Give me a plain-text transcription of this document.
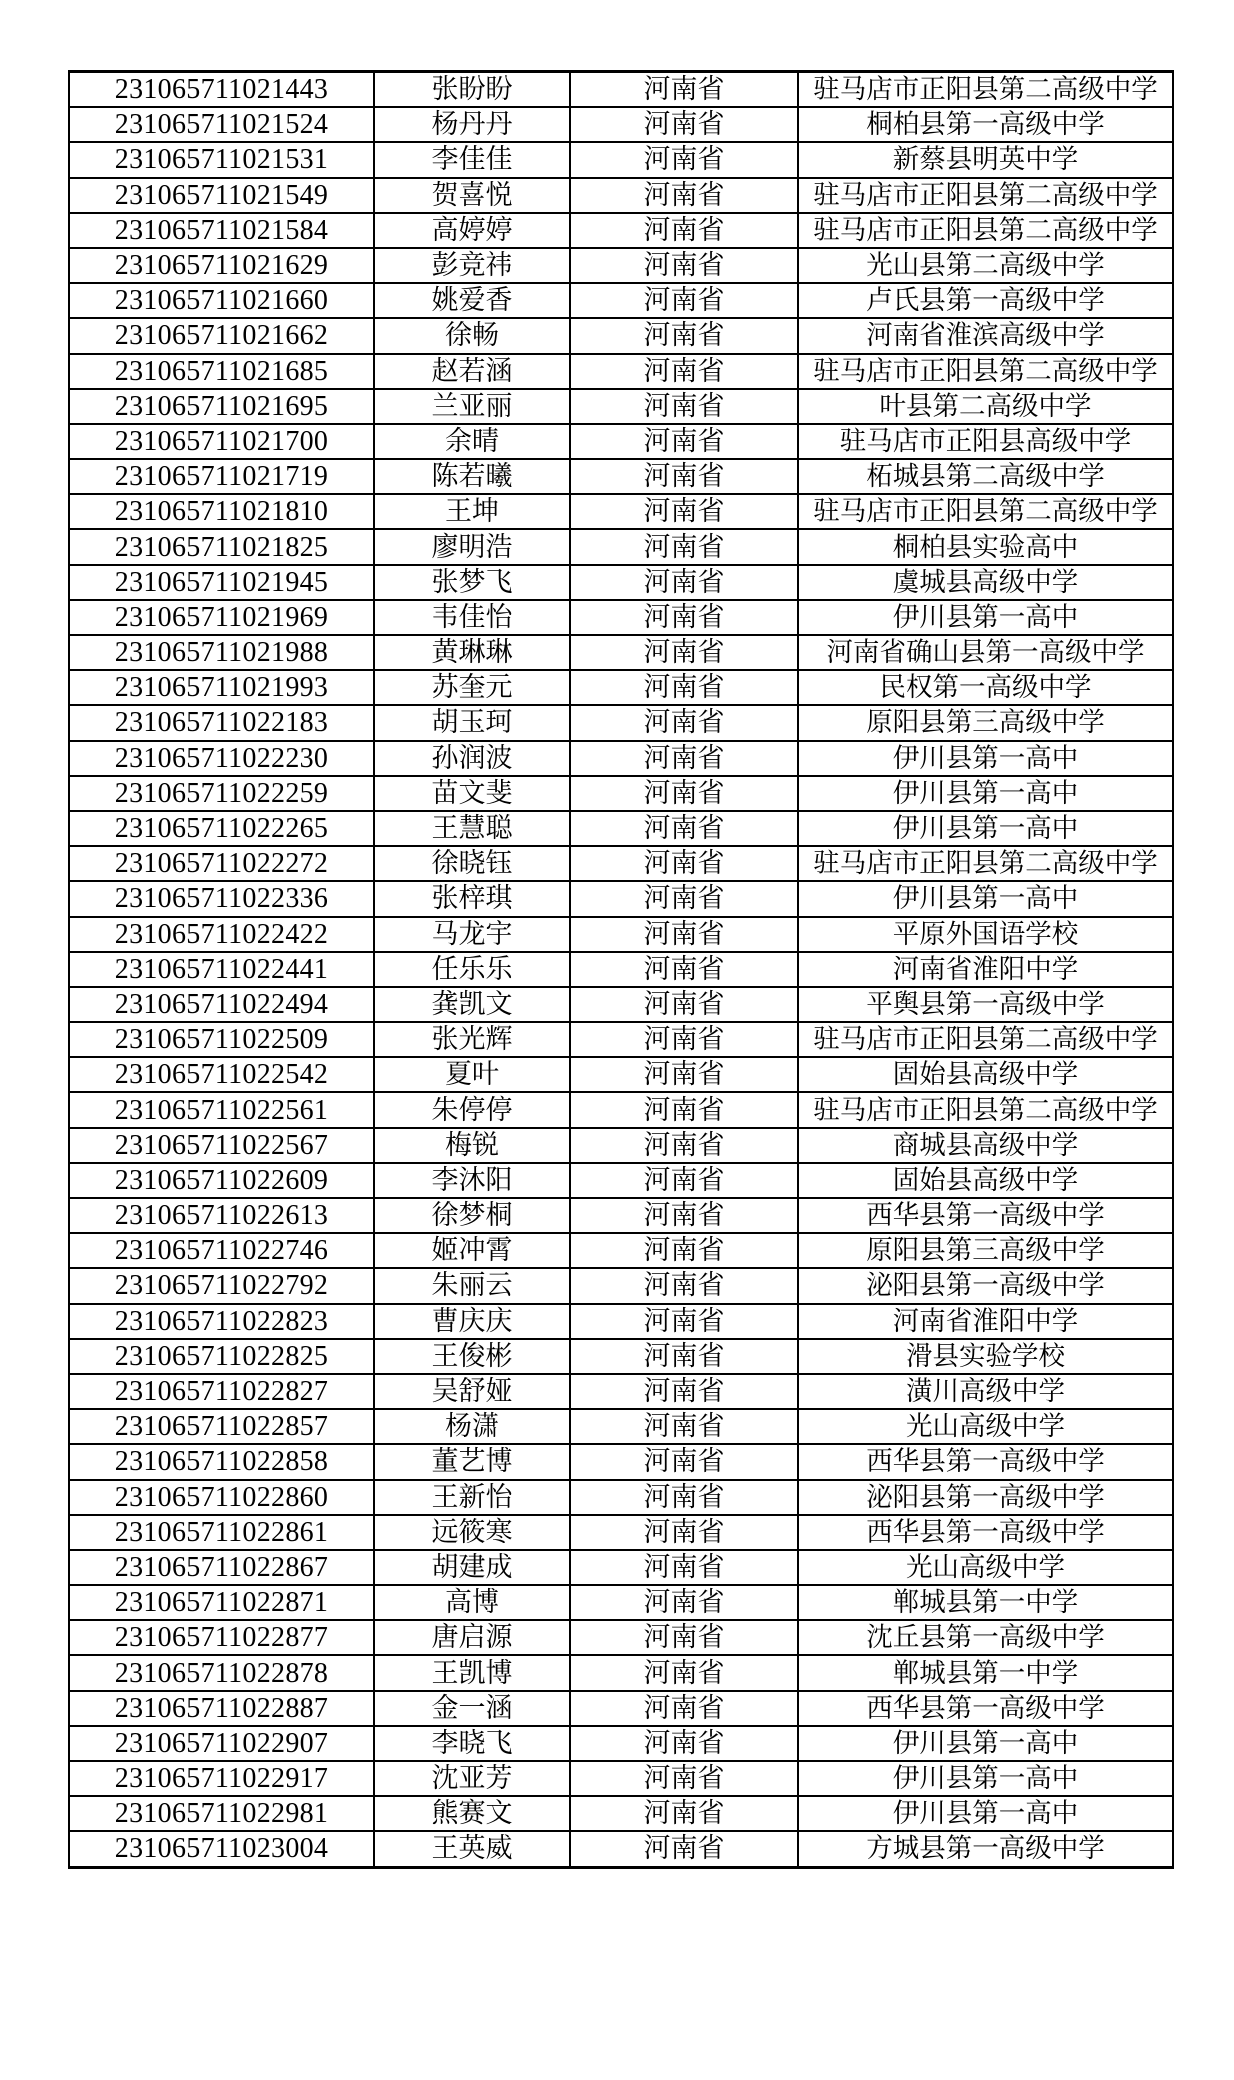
231065711021443	张盼盼	河南省	驻马店市正阳县第二高级中学
231065711021524	杨丹丹	河南省	桐柏县第一高级中学
231065711021531	李佳佳	河南省	新蔡县明英中学
231065711021549	贺喜悦	河南省	驻马店市正阳县第二高级中学
231065711021584	高婷婷	河南省	驻马店市正阳县第二高级中学
231065711021629	彭竞祎	河南省	光山县第二高级中学
231065711021660	姚爱香	河南省	卢氏县第一高级中学
231065711021662	徐畅	河南省	河南省淮滨高级中学
231065711021685	赵若涵	河南省	驻马店市正阳县第二高级中学
231065711021695	兰亚丽	河南省	叶县第二高级中学
231065711021700	余晴	河南省	驻马店市正阳县高级中学
231065711021719	陈若曦	河南省	柘城县第二高级中学
231065711021810	王坤	河南省	驻马店市正阳县第二高级中学
231065711021825	廖明浩	河南省	桐柏县实验高中
231065711021945	张梦飞	河南省	虞城县高级中学
231065711021969	韦佳怡	河南省	伊川县第一高中
231065711021988	黄琳琳	河南省	河南省确山县第一高级中学
231065711021993	苏奎元	河南省	民权第一高级中学
231065711022183	胡玉珂	河南省	原阳县第三高级中学
231065711022230	孙润波	河南省	伊川县第一高中
231065711022259	苗文斐	河南省	伊川县第一高中
231065711022265	王慧聪	河南省	伊川县第一高中
231065711022272	徐晓钰	河南省	驻马店市正阳县第二高级中学
231065711022336	张梓琪	河南省	伊川县第一高中
231065711022422	马龙宇	河南省	平原外国语学校
231065711022441	任乐乐	河南省	河南省淮阳中学
231065711022494	龚凯文	河南省	平舆县第一高级中学
231065711022509	张光辉	河南省	驻马店市正阳县第二高级中学
231065711022542	夏叶	河南省	固始县高级中学
231065711022561	朱停停	河南省	驻马店市正阳县第二高级中学
231065711022567	梅锐	河南省	商城县高级中学
231065711022609	李沐阳	河南省	固始县高级中学
231065711022613	徐梦桐	河南省	西华县第一高级中学
231065711022746	姬冲霄	河南省	原阳县第三高级中学
231065711022792	朱丽云	河南省	泌阳县第一高级中学
231065711022823	曹庆庆	河南省	河南省淮阳中学
231065711022825	王俊彬	河南省	滑县实验学校
231065711022827	吴舒娅	河南省	潢川高级中学
231065711022857	杨潇	河南省	光山高级中学
231065711022858	董艺博	河南省	西华县第一高级中学
231065711022860	王新怡	河南省	泌阳县第一高级中学
231065711022861	远筱寒	河南省	西华县第一高级中学
231065711022867	胡建成	河南省	光山高级中学
231065711022871	高博	河南省	郸城县第一中学
231065711022877	唐启源	河南省	沈丘县第一高级中学
231065711022878	王凯博	河南省	郸城县第一中学
231065711022887	金一涵	河南省	西华县第一高级中学
231065711022907	李晓飞	河南省	伊川县第一高中
231065711022917	沈亚芳	河南省	伊川县第一高中
231065711022981	熊赛文	河南省	伊川县第一高中
231065711023004	王英威	河南省	方城县第一高级中学
